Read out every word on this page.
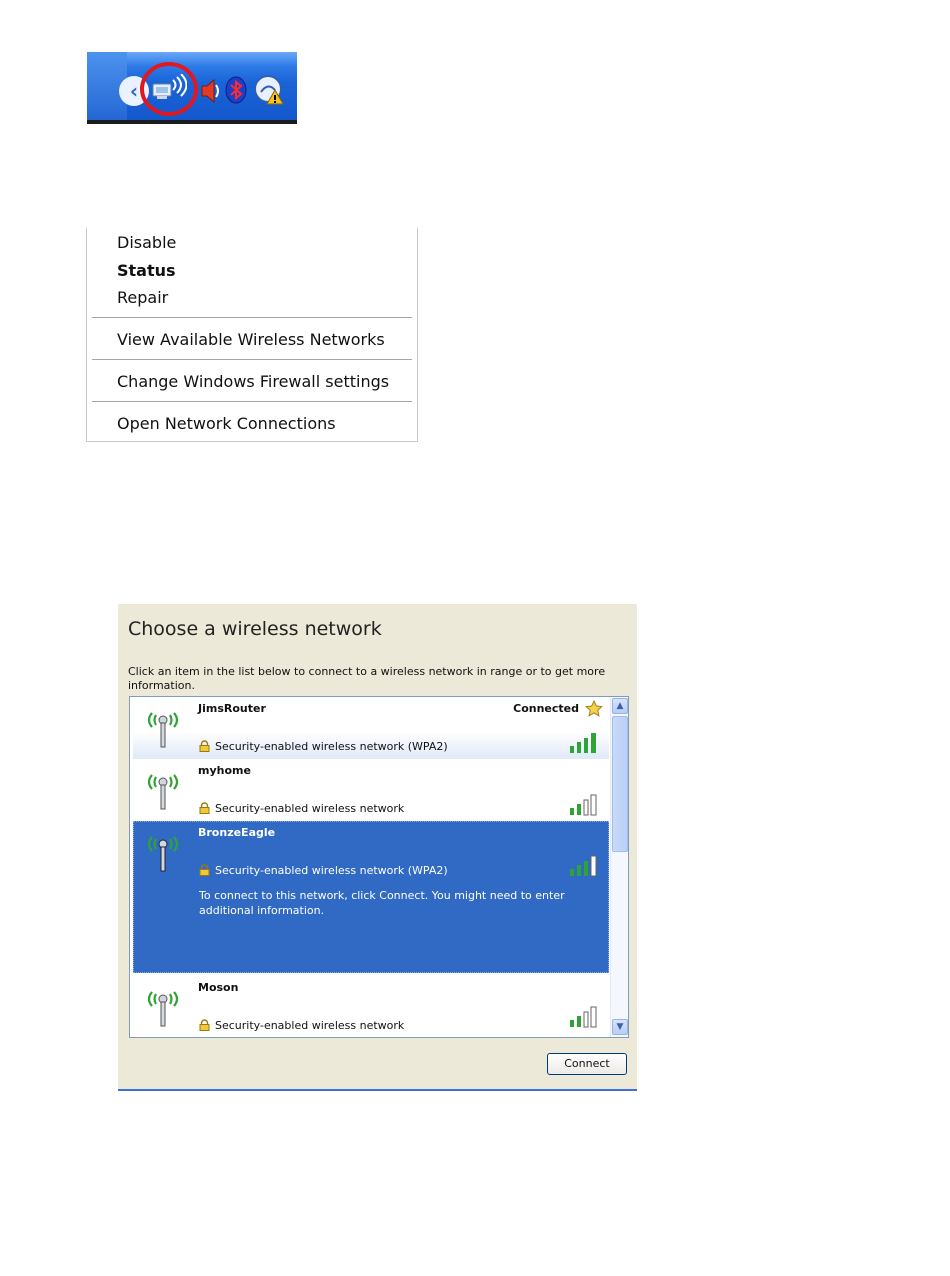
‹
Disable
Status
Repair
View Available Wireless Networks
Change Windows Firewall settings
Open Network Connections
Choose a wireless network
Click an item in the list below to connect to a wireless network in range or to get more information.
JimsRouter	Connected
Security-enabled wireless network (WPA2)
myhome
Security-enabled wireless network
BronzeEagle
Security-enabled wireless network (WPA2)
To connect to this network, click Connect. You might need to enter additional information.
Moson
Security-enabled wireless network
▲
▼
Connect
